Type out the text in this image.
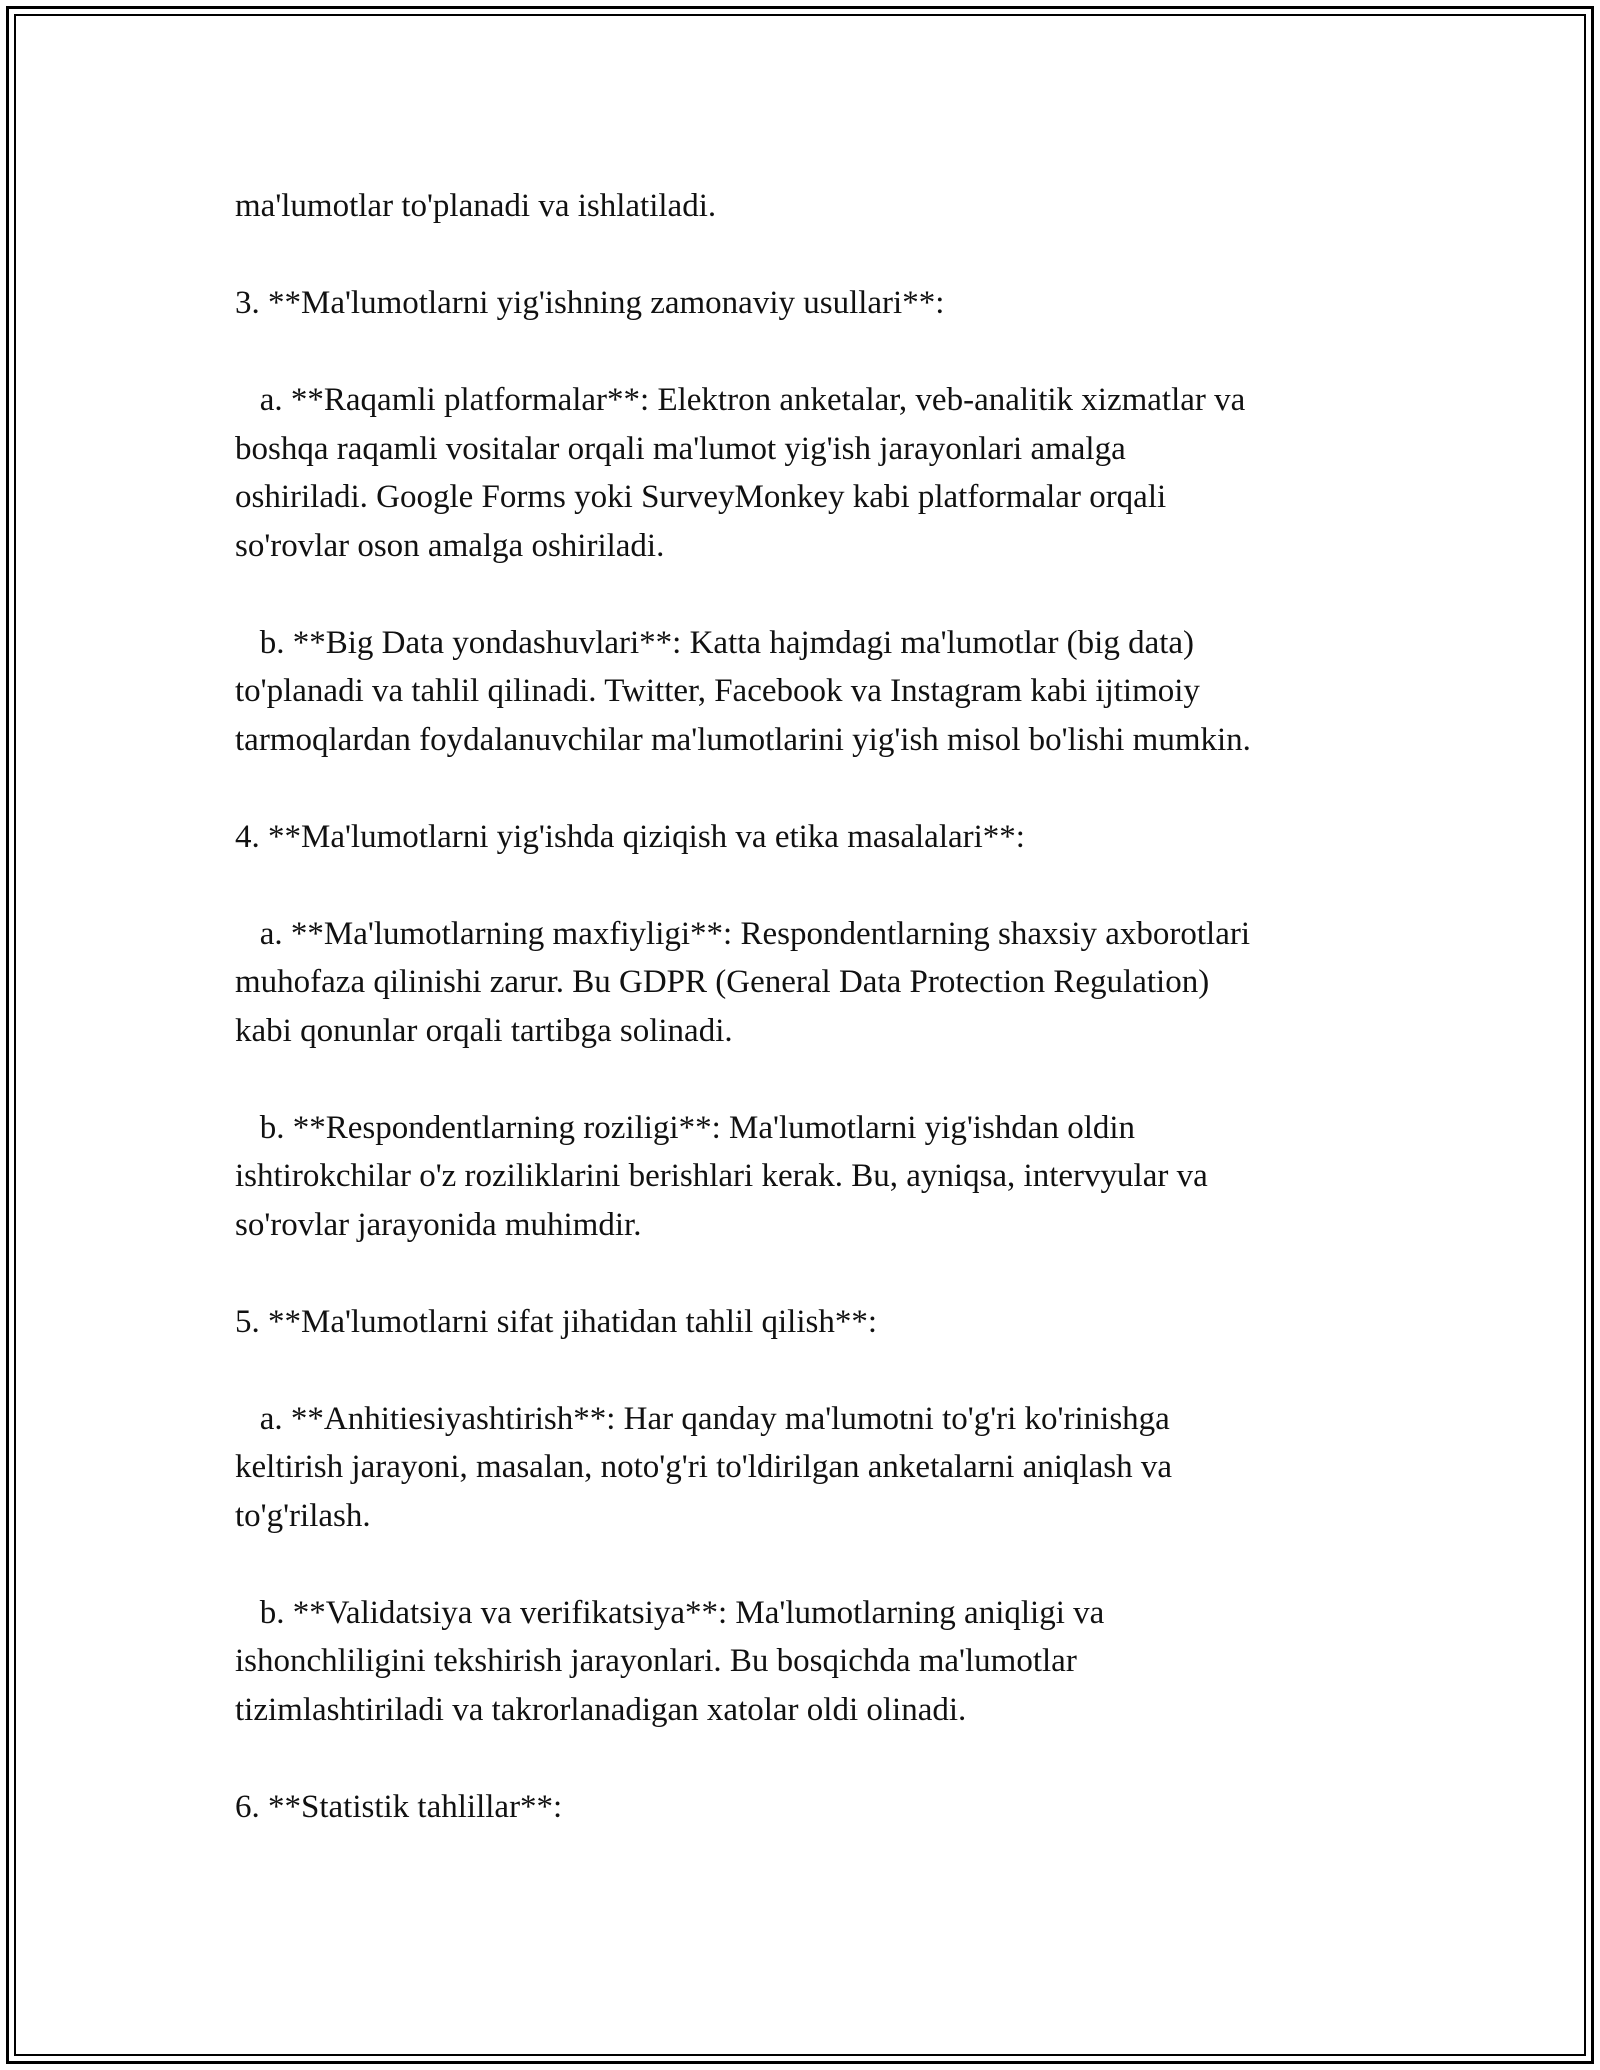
ma'lumotlar to'planadi va ishlatiladi.

3. **Ma'lumotlarni yig'ishning zamonaviy usullari**:

a. **Raqamli platformalar**: Elektron anketalar, veb-analitik xizmatlar va
boshqa raqamli vositalar orqali ma'lumot yig'ish jarayonlari amalga
oshiriladi. Google Forms yoki SurveyMonkey kabi platformalar orqali
so'rovlar oson amalga oshiriladi.

b. **Big Data yondashuvlari**: Katta hajmdagi ma'lumotlar (big data)
to'planadi va tahlil qilinadi. Twitter, Facebook va Instagram kabi ijtimoiy
tarmoqlardan foydalanuvchilar ma'lumotlarini yig'ish misol bo'lishi mumkin.

4. **Ma'lumotlarni yig'ishda qiziqish va etika masalalari**:

a. **Ma'lumotlarning maxfiyligi**: Respondentlarning shaxsiy axborotlari
muhofaza qilinishi zarur. Bu GDPR (General Data Protection Regulation)
kabi qonunlar orqali tartibga solinadi.

b. **Respondentlarning roziligi**: Ma'lumotlarni yig'ishdan oldin
ishtirokchilar o'z roziliklarini berishlari kerak. Bu, ayniqsa, intervyular va
so'rovlar jarayonida muhimdir.

5. **Ma'lumotlarni sifat jihatidan tahlil qilish**:

a. **Anhitiesiyashtirish**: Har qanday ma'lumotni to'g'ri ko'rinishga
keltirish jarayoni, masalan, noto'g'ri to'ldirilgan anketalarni aniqlash va
to'g'rilash.

b. **Validatsiya va verifikatsiya**: Ma'lumotlarning aniqligi va
ishonchliligini tekshirish jarayonlari. Bu bosqichda ma'lumotlar
tizimlashtiriladi va takrorlanadigan xatolar oldi olinadi.

6. **Statistik tahlillar**:
